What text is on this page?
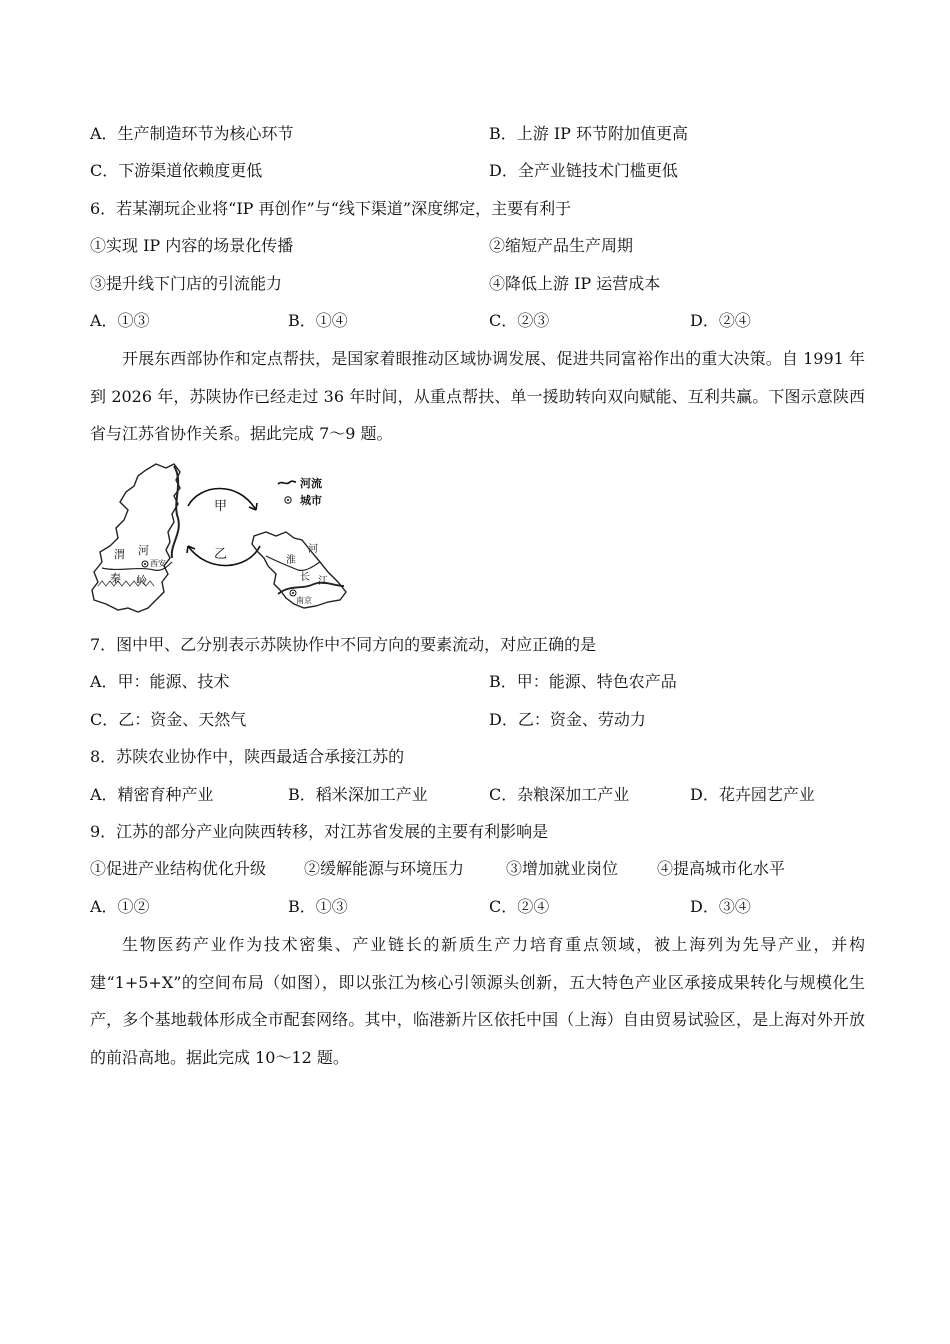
A．生产制造环节为核心环节	B．上游 IP 环节附加值更高
C．下游渠道依赖度更低	D．全产业链技术门槛更低
6．若某潮玩企业将“IP 再创作”与“线下渠道”深度绑定，主要有利于
①实现 IP 内容的场景化传播	②缩短产品生产周期
③提升线下门店的引流能力	④降低上游 IP 运营成本
A．①③	B．①④	C．②③	D．②④
开展东西部协作和定点帮扶，是国家着眼推动区域协调发展、促进共同富裕作出的重大决策。自 1991 年到 2026 年，苏陕协作已经走过 36 年时间，从重点帮扶、单一援助转向双向赋能、互利共赢。下图示意陕西省与江苏省协作关系。据此完成 7～9 题。
西安
渭 河
秦 岭
甲
乙	淮
河
长 江
南京
河流
城市
7．图中甲、乙分别表示苏陕协作中不同方向的要素流动，对应正确的是
A．甲：能源、技术	B．甲：能源、特色农产品
C．乙：资金、天然气	D．乙：资金、劳动力
8．苏陕农业协作中，陕西最适合承接江苏的
A．精密育种产业	B．稻米深加工产业	C．杂粮深加工产业	D．花卉园艺产业
9．江苏的部分产业向陕西转移，对江苏省发展的主要有利影响是
①促进产业结构优化升级 ②缓解能源与环境压力	③增加就业岗位 ④提高城市化水平
A．①②	B．①③	C．②④	D．③④
生物医药产业作为技术密集、产业链长的新质生产力培育重点领域，被上海列为先导产业，并构建“1+5+X”的空间布局（如图），即以张江为核心引领源头创新，五大特色产业区承接成果转化与规模化生产，多个基地载体形成全市配套网络。其中，临港新片区依托中国（上海）自由贸易试验区，是上海对外开放的前沿高地。据此完成 10～12 题。
